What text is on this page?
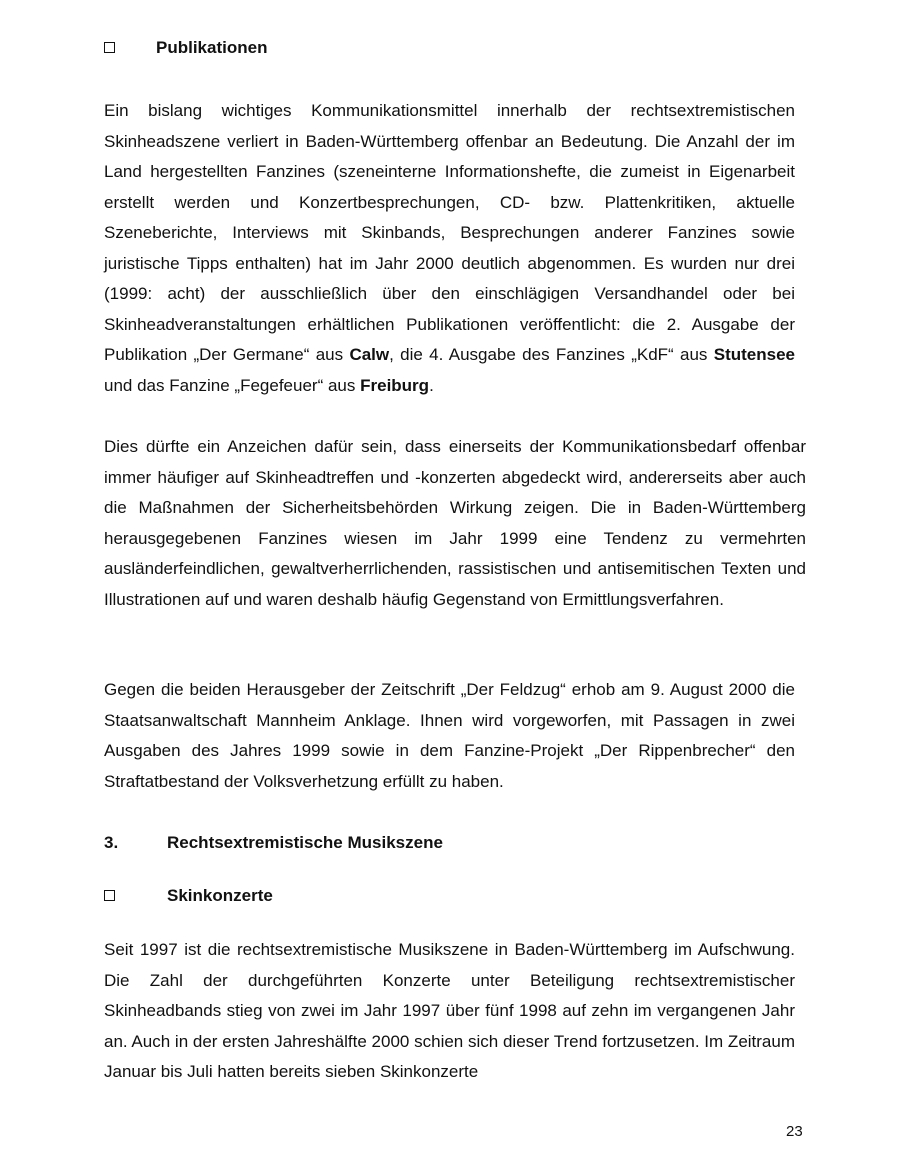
Publikationen

Ein bislang wichtiges Kommunikationsmittel innerhalb der rechtsextremistischen Skinheadszene verliert in Baden-Württemberg offenbar an Bedeutung. Die Anzahl der im Land hergestellten Fanzines (szeneinterne Informationshefte, die zumeist in Eigenarbeit erstellt werden und Konzertbesprechungen, CD- bzw. Plattenkritiken, aktuelle Szeneberichte, Interviews mit Skinbands, Besprechungen anderer Fanzines sowie juristische Tipps enthalten) hat im Jahr 2000 deutlich abgenommen. Es wurden nur drei (1999: acht) der ausschließlich über den einschlägigen Versandhandel oder bei Skinheadveranstaltungen erhältlichen Publikationen veröffentlicht: die 2. Ausgabe der Publikation „Der Germane“ aus Calw, die 4. Ausgabe des Fanzines „KdF“ aus Stutensee und das Fanzine „Fegefeuer“ aus Freiburg.

Dies dürfte ein Anzeichen dafür sein, dass einerseits der Kommunikationsbedarf offenbar immer häufiger auf Skinheadtreffen und -konzerten abgedeckt wird, andererseits aber auch die Maßnahmen der Sicherheitsbehörden Wirkung zeigen. Die in Baden-Württemberg herausgegebenen Fanzines wiesen im Jahr 1999 eine Tendenz zu vermehrten ausländerfeindlichen, gewaltverherrlichenden, rassistischen und antisemitischen Texten und Illustrationen auf und waren deshalb häufig Gegenstand von Ermittlungsverfahren.

Gegen die beiden Herausgeber der Zeitschrift „Der Feldzug“ erhob am 9. August 2000 die Staatsanwaltschaft Mannheim Anklage. Ihnen wird vorgeworfen, mit Passagen in zwei Ausgaben des Jahres 1999 sowie in dem Fanzine-Projekt „Der Rippenbrecher“ den Straftatbestand der Volksverhetzung erfüllt zu haben.

3.	Rechtsextremistische Musikszene
Skinkonzerte

Seit 1997 ist die rechtsextremistische Musikszene in Baden-Württemberg im Aufschwung. Die Zahl der durchgeführten Konzerte unter Beteiligung rechtsextremistischer Skinheadbands stieg von zwei im Jahr 1997 über fünf 1998 auf zehn im vergangenen Jahr an. Auch in der ersten Jahreshälfte 2000 schien sich dieser Trend fortzusetzen. Im Zeitraum Januar bis Juli hatten bereits sieben Skinkonzerte

23
